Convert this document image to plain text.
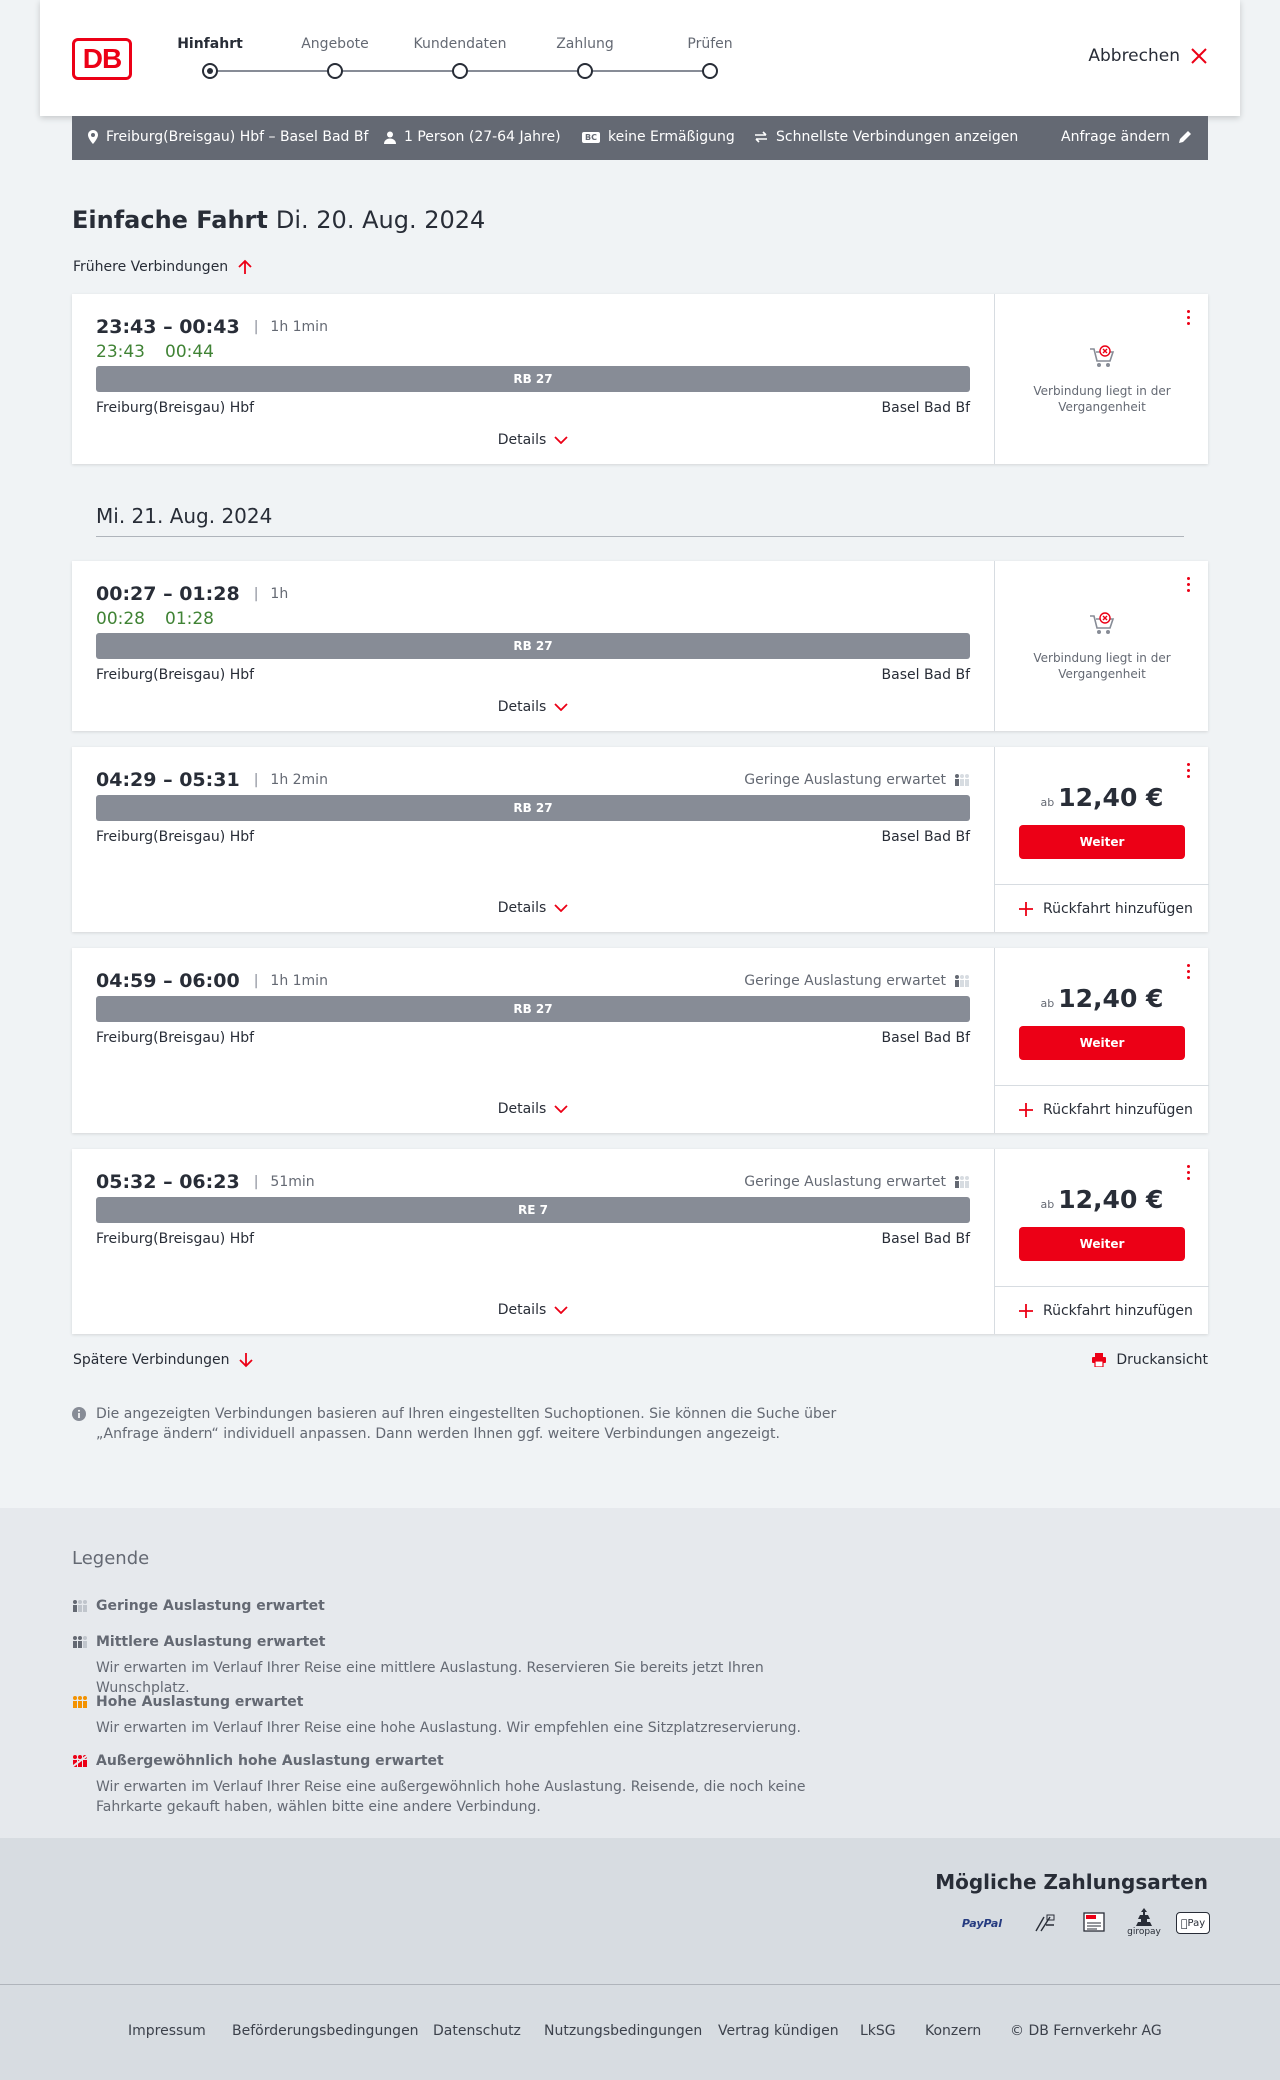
DB	Hinfahrt	Angebote	Kundendaten	Zahlung	Prüfen
Abbrechen
Freiburg(Breisgau) Hbf – Basel Bad Bf	1 Person (27-64 Jahre)	BC keine Ermäßigung	Schnellste Verbindungen anzeigen	Anfrage ändern
Einfache Fahrt Di. 20. Aug. 2024
Frühere Verbindungen
23:43 – 00:43 | 1h 1min
23:43 00:44
RB 27
Freiburg(Breisgau) Hbf	Basel Bad Bf
Details
Verbindung liegt in der Vergangenheit
Mi. 21. Aug. 2024
00:27 – 01:28 | 1h
00:28 01:28
RB 27
Freiburg(Breisgau) Hbf	Basel Bad Bf
Details
Verbindung liegt in der Vergangenheit
04:29 – 05:31 | 1h 2min	Geringe Auslastung erwartet
RB 27
Freiburg(Breisgau) Hbf	Basel Bad Bf
Details
ab 12,40 €
Weiter
Rückfahrt hinzufügen
04:59 – 06:00 | 1h 1min	Geringe Auslastung erwartet
RB 27
Freiburg(Breisgau) Hbf	Basel Bad Bf
Details
ab 12,40 €
Weiter
Rückfahrt hinzufügen
05:32 – 06:23 | 51min	Geringe Auslastung erwartet
RE 7
Freiburg(Breisgau) Hbf	Basel Bad Bf
Details
ab 12,40 €
Weiter
Rückfahrt hinzufügen
Spätere Verbindungen	Druckansicht
Die angezeigten Verbindungen basieren auf Ihren eingestellten Suchoptionen. Sie können die Suche über „Anfrage ändern“ individuell anpassen. Dann werden Ihnen ggf. weitere Verbindungen angezeigt.
Legende
Geringe Auslastung erwartet
Mittlere Auslastung erwartet
Wir erwarten im Verlauf Ihrer Reise eine mittlere Auslastung. Reservieren Sie bereits jetzt Ihren Wunschplatz.
Hohe Auslastung erwartet
Wir erwarten im Verlauf Ihrer Reise eine hohe Auslastung. Wir empfehlen eine Sitzplatzreservierung.
Außergewöhnlich hohe Auslastung erwartet
Wir erwarten im Verlauf Ihrer Reise eine außergewöhnlich hohe Auslastung. Reisende, die noch keine Fahrkarte gekauft haben, wählen bitte eine andere Verbindung.
Mögliche Zahlungsarten
PayPal
giropay
Pay
Impressum Beförderungsbedingungen Datenschutz Nutzungsbedingungen Vertrag kündigen LkSG Konzern © DB Fernverkehr AG
